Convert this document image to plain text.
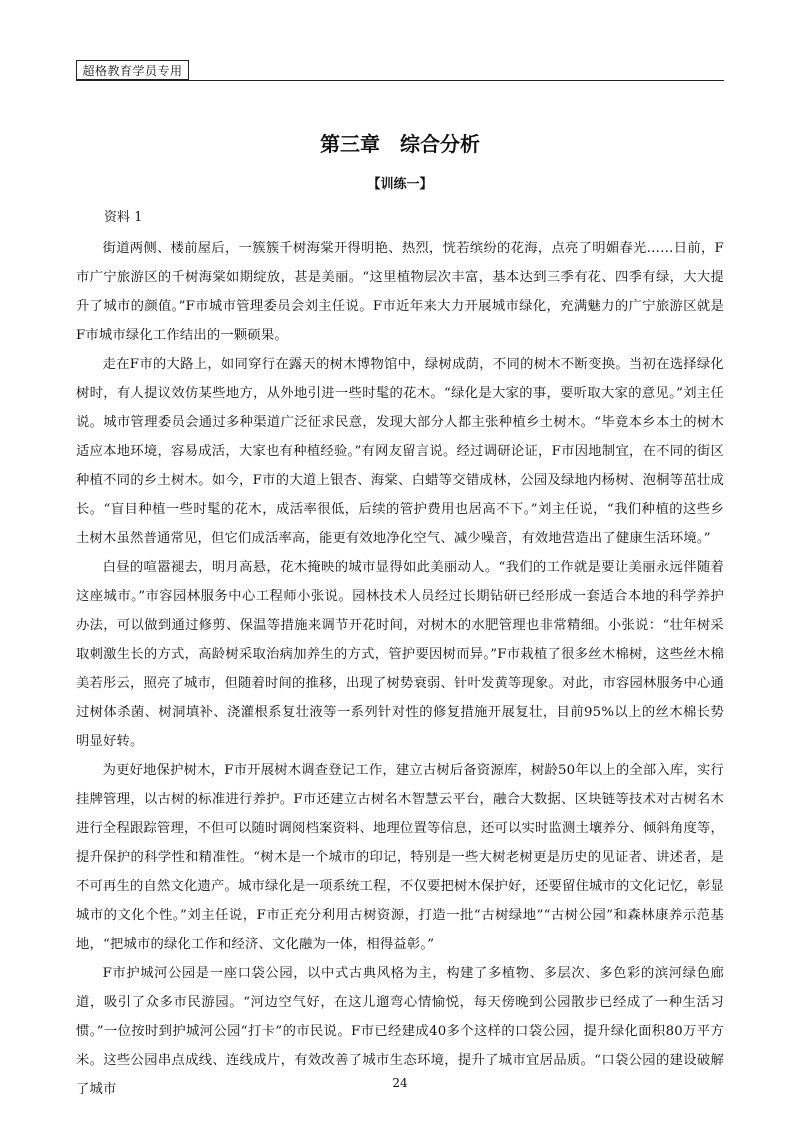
超格教育学员专用
第三章　综合分析
【训练一】
资料 1

街道两侧、楼前屋后，一簇簇千树海棠开得明艳、热烈，恍若缤纷的花海，点亮了明媚春光……日前，F市广宁旅游区的千树海棠如期绽放，甚是美丽。“这里植物层次丰富，基本达到三季有花、四季有绿，大大提升了城市的颜值。”F市城市管理委员会刘主任说。F市近年来大力开展城市绿化，充满魅力的广宁旅游区就是F市城市绿化工作结出的一颗硕果。

走在F市的大路上，如同穿行在露天的树木博物馆中，绿树成荫，不同的树木不断变换。当初在选择绿化树时，有人提议效仿某些地方，从外地引进一些时髦的花木。“绿化是大家的事，要听取大家的意见。”刘主任说。城市管理委员会通过多种渠道广泛征求民意，发现大部分人都主张种植乡土树木。“毕竟本乡本土的树木适应本地环境，容易成活，大家也有种植经验。”有网友留言说。经过调研论证，F市因地制宜，在不同的街区种植不同的乡土树木。如今，F市的大道上银杏、海棠、白蜡等交错成林，公园及绿地内杨树、泡桐等茁壮成长。“盲目种植一些时髦的花木，成活率很低，后续的管护费用也居高不下。”刘主任说，“我们种植的这些乡土树木虽然普通常见，但它们成活率高，能更有效地净化空气、减少噪音，有效地营造出了健康生活环境。”

白昼的喧嚣褪去，明月高悬，花木掩映的城市显得如此美丽动人。“我们的工作就是要让美丽永远伴随着这座城市。”市容园林服务中心工程师小张说。园林技术人员经过长期钻研已经形成一套适合本地的科学养护办法，可以做到通过修剪、保温等措施来调节开花时间，对树木的水肥管理也非常精细。小张说：“壮年树采取刺激生长的方式，高龄树采取治病加养生的方式，管护要因树而异。”F市栽植了很多丝木棉树，这些丝木棉美若彤云，照亮了城市，但随着时间的推移，出现了树势衰弱、针叶发黄等现象。对此，市容园林服务中心通过树体杀菌、树洞填补、浇灌根系复壮液等一系列针对性的修复措施开展复壮，目前95%以上的丝木棉长势明显好转。

为更好地保护树木，F市开展树木调查登记工作，建立古树后备资源库，树龄50年以上的全部入库，实行挂牌管理，以古树的标准进行养护。F市还建立古树名木智慧云平台，融合大数据、区块链等技术对古树名木进行全程跟踪管理，不但可以随时调阅档案资料、地理位置等信息，还可以实时监测土壤养分、倾斜角度等，提升保护的科学性和精准性。“树木是一个城市的印记，特别是一些大树老树更是历史的见证者、讲述者，是不可再生的自然文化遗产。城市绿化是一项系统工程，不仅要把树木保护好，还要留住城市的文化记忆，彰显城市的文化个性。”刘主任说，F市正充分利用古树资源，打造一批“古树绿地”“古树公园”和森林康养示范基地，“把城市的绿化工作和经济、文化融为一体，相得益彰。”

F市护城河公园是一座口袋公园，以中式古典风格为主，构建了多植物、多层次、多色彩的滨河绿色廊道，吸引了众多市民游园。“河边空气好，在这儿遛弯心情愉悦，每天傍晚到公园散步已经成了一种生活习惯。”一位按时到护城河公园“打卡”的市民说。F市已经建成40多个这样的口袋公园，提升绿化面积80万平方米。这些公园串点成线、连线成片，有效改善了城市生态环境，提升了城市宜居品质。“口袋公园的建设破解了城市	24
